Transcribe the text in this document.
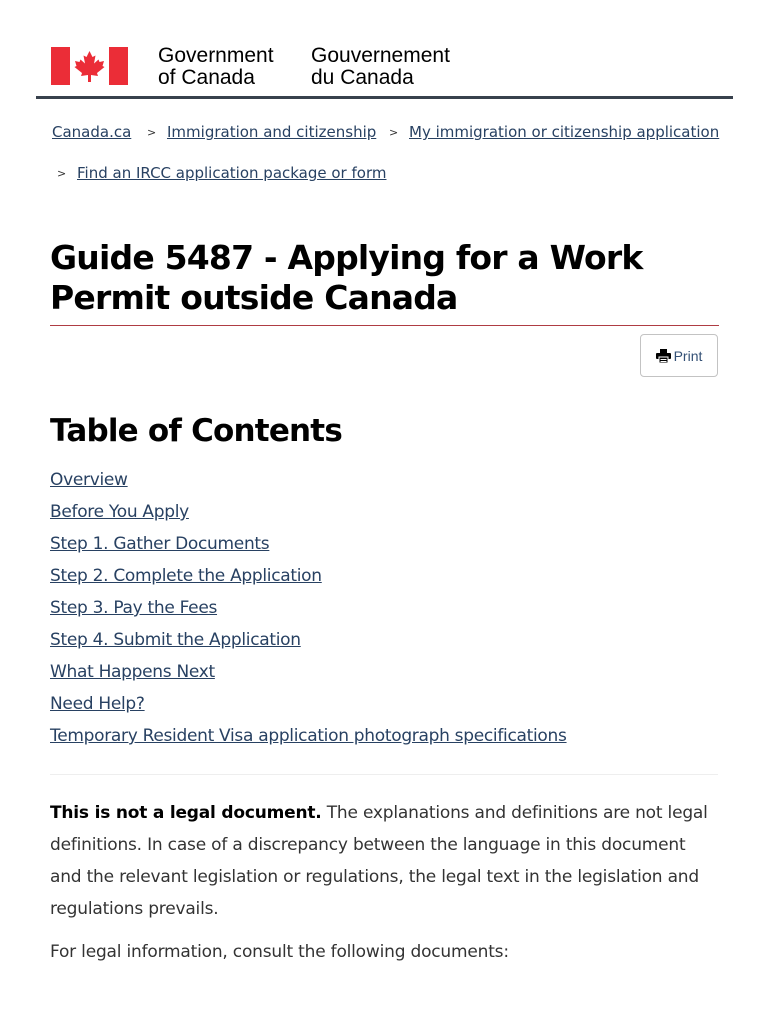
Government
of Canada
Gouvernement
du Canada
Canada.ca > Immigration and citizenship > My immigration or citizenship application
> Find an IRCC application package or form
Guide 5487 - Applying for a Work Permit outside Canada
Print
Table of Contents
Overview
Before You Apply
Step 1. Gather Documents
Step 2. Complete the Application
Step 3. Pay the Fees
Step 4. Submit the Application
What Happens Next
Need Help?
Temporary Resident Visa application photograph specifications

This is not a legal document. The explanations and definitions are not legal definitions. In case of a discrepancy between the language in this document and the relevant legislation or regulations, the legal text in the legislation and regulations prevails.

For legal information, consult the following documents:
